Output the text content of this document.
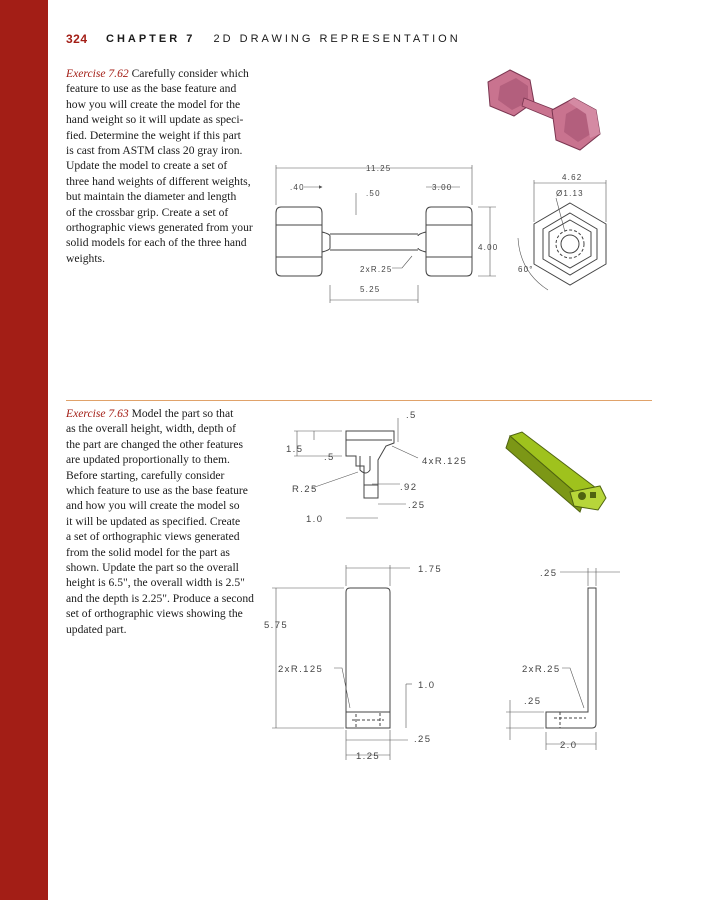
324 CHAPTER 7 2D DRAWING REPRESENTATION
Exercise 7.62 Carefully consider which
feature to use as the base feature and
how you will create the model for the
hand weight so it will update as speci-
fied. Determine the weight if this part
is cast from ASTM class 20 gray iron.
Update the model to create a set of
three hand weights of different weights,
but maintain the diameter and length
of the crossbar grip. Create a set of
orthographic views generated from your
solid models for each of the three hand
weights.
Exercise 7.63 Model the part so that
as the overall height, width, depth of
the part are changed the other features
are updated proportionally to them.
Before starting, carefully consider
which feature to use as the base feature
and how you will create the model so
it will be updated as specified. Create
a set of orthographic views generated
from the solid model for the part as
shown. Update the part so the overall
height is 6.5", the overall width is 2.5"
and the depth is 2.25". Produce a second
set of orthographic views showing the
updated part.
11.25
.40
.50
3.00
4.00
2xR.25
5.25
4.62
Ø1.13
60°
.5
1.5
.5	4xR.125
R.25	.92
.25
1.0
1.75
5.75
2xR.125
1.0
.25
1.25
.25
2xR.25
.25
2.0
